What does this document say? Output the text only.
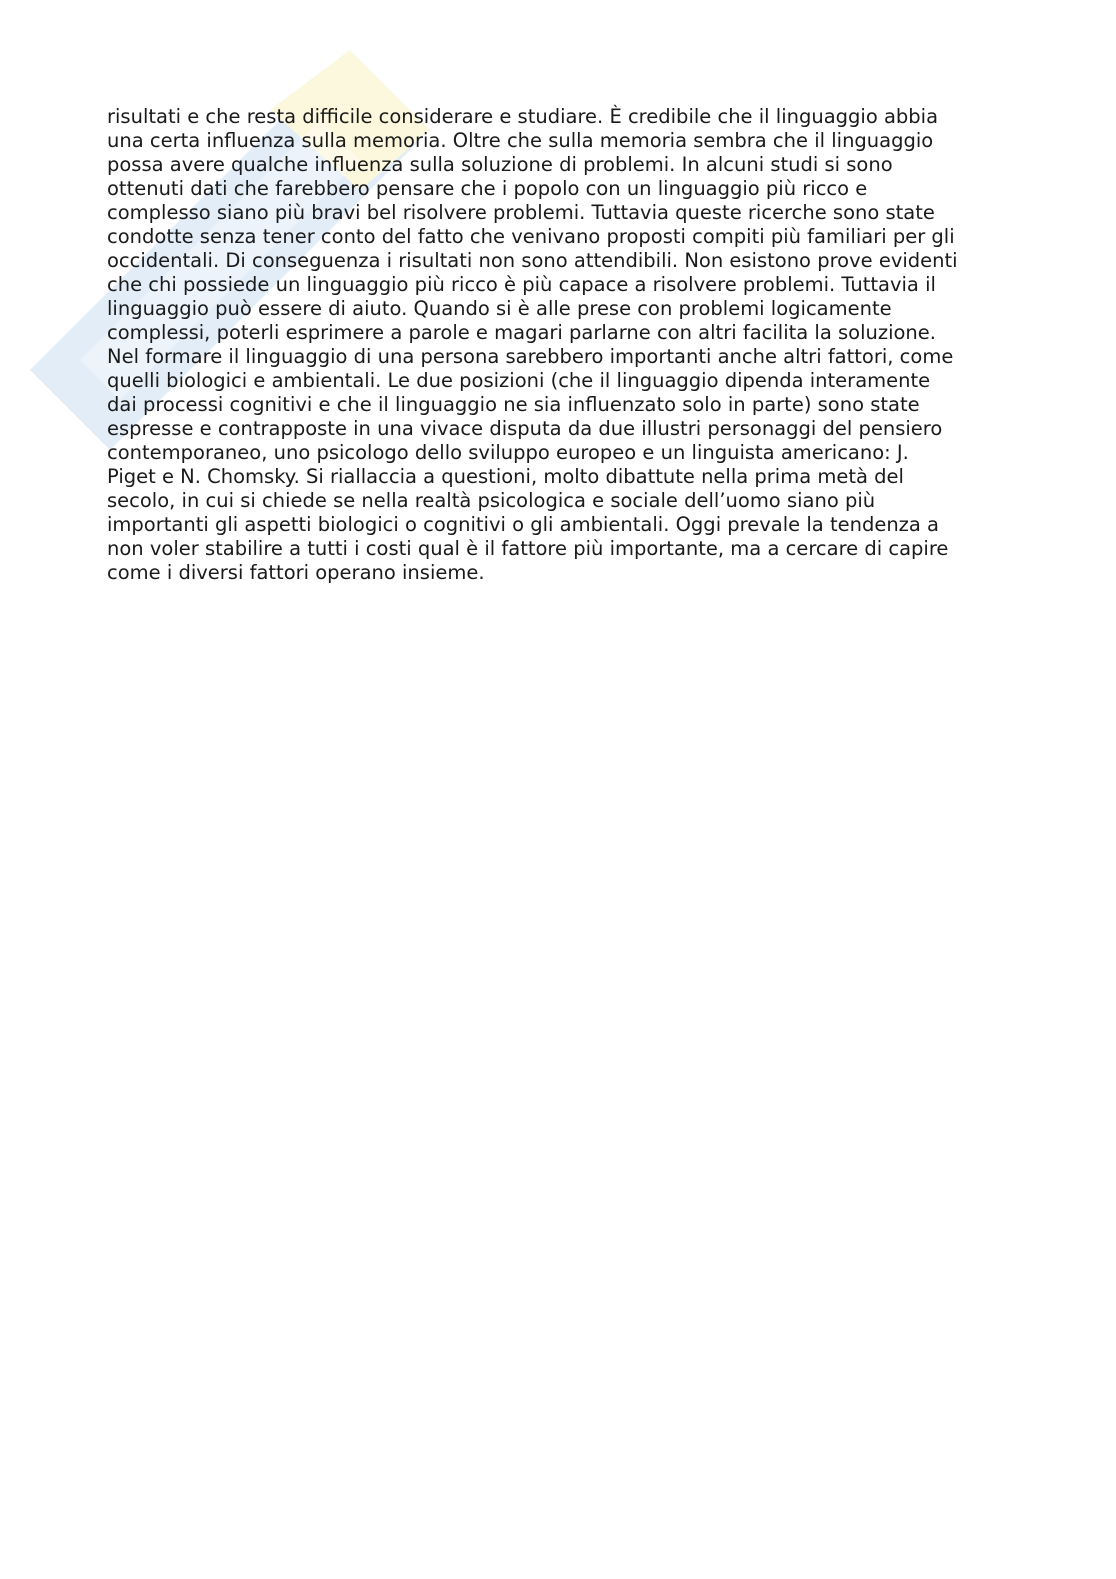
risultati e che resta difficile considerare e studiare. È credibile che il linguaggio abbia
una certa influenza sulla memoria. Oltre che sulla memoria sembra che il linguaggio
possa avere qualche influenza sulla soluzione di problemi. In alcuni studi si sono
ottenuti dati che farebbero pensare che i popolo con un linguaggio più ricco e
complesso siano più bravi bel risolvere problemi. Tuttavia queste ricerche sono state
condotte senza tener conto del fatto che venivano proposti compiti più familiari per gli
occidentali. Di conseguenza i risultati non sono attendibili. Non esistono prove evidenti
che chi possiede un linguaggio più ricco è più capace a risolvere problemi. Tuttavia il
linguaggio può essere di aiuto. Quando si è alle prese con problemi logicamente
complessi, poterli esprimere a parole e magari parlarne con altri facilita la soluzione.
Nel formare il linguaggio di una persona sarebbero importanti anche altri fattori, come
quelli biologici e ambientali. Le due posizioni (che il linguaggio dipenda interamente
dai processi cognitivi e che il linguaggio ne sia influenzato solo in parte) sono state
espresse e contrapposte in una vivace disputa da due illustri personaggi del pensiero
contemporaneo, uno psicologo dello sviluppo europeo e un linguista americano: J.
Piget e N. Chomsky. Si riallaccia a questioni, molto dibattute nella prima metà del
secolo, in cui si chiede se nella realtà psicologica e sociale dell’uomo siano più
importanti gli aspetti biologici o cognitivi o gli ambientali. Oggi prevale la tendenza a
non voler stabilire a tutti i costi qual è il fattore più importante, ma a cercare di capire
come i diversi fattori operano insieme.
